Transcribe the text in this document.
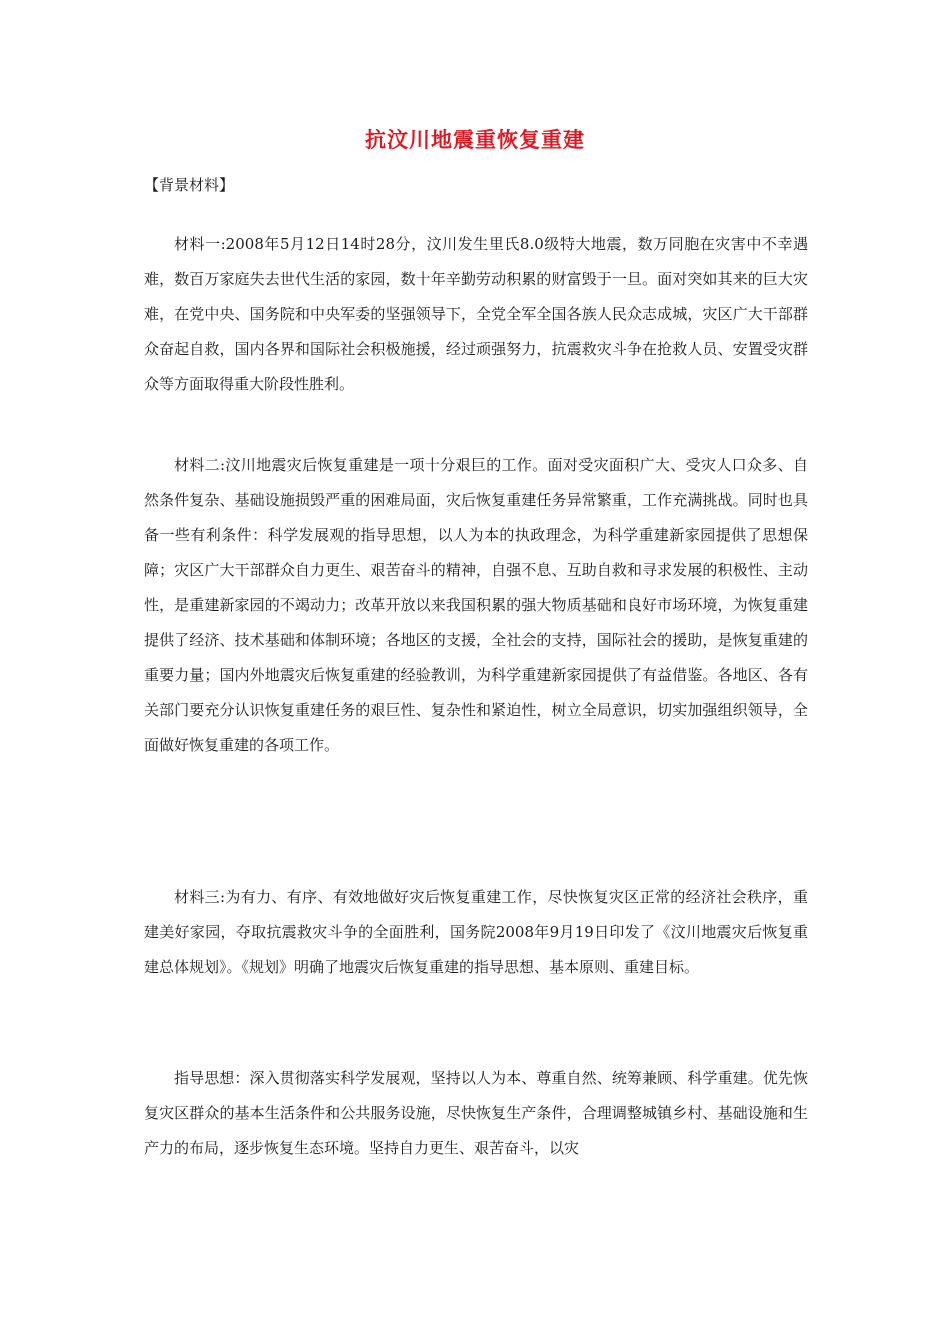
抗汶川地震重恢复重建
【背景材料】

材料一:2008年5月12日14时28分，汶川发生里氏8.0级特大地震，数万同胞在灾害中不幸遇难，数百万家庭失去世代生活的家园，数十年辛勤劳动积累的财富毁于一旦。面对突如其来的巨大灾难，在党中央、国务院和中央军委的坚强领导下，全党全军全国各族人民众志成城，灾区广大干部群众奋起自救，国内各界和国际社会积极施援，经过顽强努力，抗震救灾斗争在抢救人员、安置受灾群众等方面取得重大阶段性胜利。

材料二:汶川地震灾后恢复重建是一项十分艰巨的工作。面对受灾面积广大、受灾人口众多、自然条件复杂、基础设施损毁严重的困难局面，灾后恢复重建任务异常繁重，工作充满挑战。同时也具备一些有利条件：科学发展观的指导思想，以人为本的执政理念，为科学重建新家园提供了思想保障；灾区广大干部群众自力更生、艰苦奋斗的精神，自强不息、互助自救和寻求发展的积极性、主动性，是重建新家园的不竭动力；改革开放以来我国积累的强大物质基础和良好市场环境，为恢复重建提供了经济、技术基础和体制环境；各地区的支援，全社会的支持，国际社会的援助，是恢复重建的重要力量；国内外地震灾后恢复重建的经验教训，为科学重建新家园提供了有益借鉴。各地区、各有关部门要充分认识恢复重建任务的艰巨性、复杂性和紧迫性，树立全局意识，切实加强组织领导，全面做好恢复重建的各项工作。

材料三:为有力、有序、有效地做好灾后恢复重建工作，尽快恢复灾区正常的经济社会秩序，重建美好家园，夺取抗震救灾斗争的全面胜利，国务院2008年9月19日印发了《汶川地震灾后恢复重建总体规划》。《规划》明确了地震灾后恢复重建的指导思想、基本原则、重建目标。

指导思想：深入贯彻落实科学发展观，坚持以人为本、尊重自然、统筹兼顾、科学重建。优先恢复灾区群众的基本生活条件和公共服务设施，尽快恢复生产条件，合理调整城镇乡村、基础设施和生产力的布局，逐步恢复生态环境。坚持自力更生、艰苦奋斗，以灾
